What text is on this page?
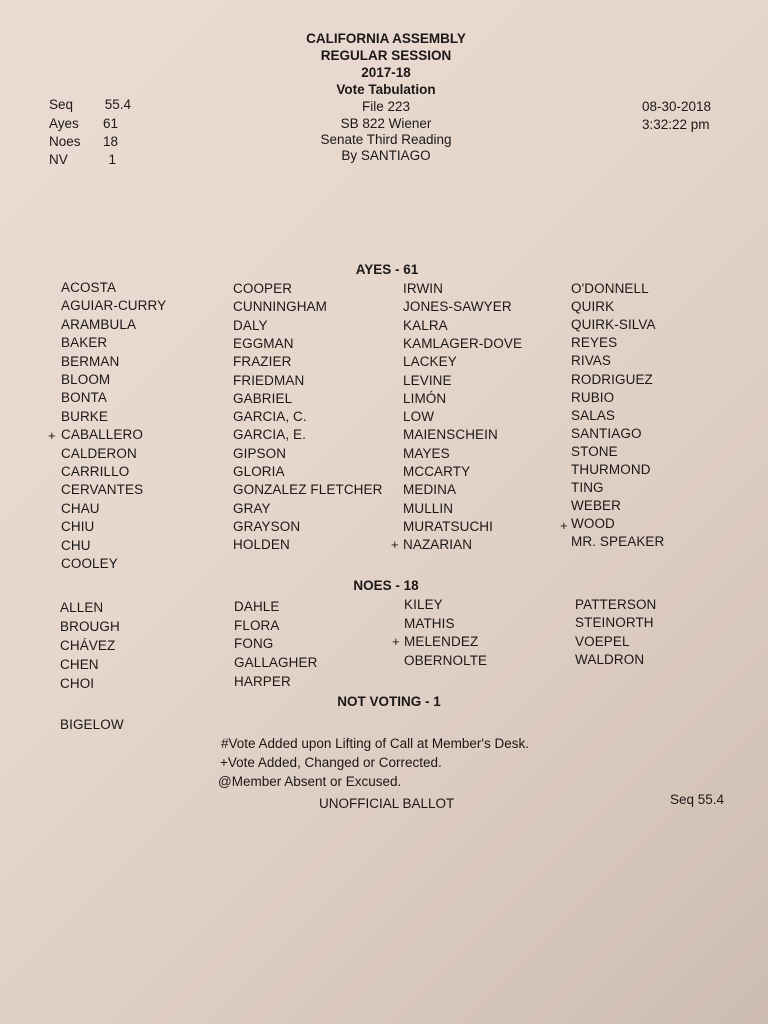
CALIFORNIA ASSEMBLY
REGULAR SESSION
2017-18
Vote Tabulation
File 223
SB 822 Wiener
Senate Third Reading
By SANTIAGO
Seq	55.4
Ayes	61
Noes	18
NV	1
08-30-2018
3:32:22 pm
AYES - 61
ACOSTA
AGUIAR-CURRY
ARAMBULA
BAKER
BERMAN
BLOOM
BONTA
BURKE
CABALLERO
CALDERON
CARRILLO
CERVANTES
CHAU
CHIU
CHU
COOLEY
COOPER
CUNNINGHAM
DALY
EGGMAN
FRAZIER
FRIEDMAN
GABRIEL
GARCIA, C.
GARCIA, E.
GIPSON
GLORIA
GONZALEZ FLETCHER
GRAY
GRAYSON
HOLDEN
IRWIN
JONES-SAWYER
KALRA
KAMLAGER-DOVE
LACKEY
LEVINE
LIMÓN
LOW
MAIENSCHEIN
MAYES
MCCARTY
MEDINA
MULLIN
MURATSUCHI
NAZARIAN
O'DONNELL
QUIRK
QUIRK-SILVA
REYES
RIVAS
RODRIGUEZ
RUBIO
SALAS
SANTIAGO
STONE
THURMOND
TING
WEBER
WOOD
MR. SPEAKER
NOES - 18
ALLEN
BROUGH
CHÁVEZ
CHEN
CHOI
DAHLE
FLORA
FONG
GALLAGHER
HARPER
KILEY
MATHIS
MELENDEZ
OBERNOLTE
PATTERSON
STEINORTH
VOEPEL
WALDRON
NOT VOTING - 1
BIGELOW
+
+
+
+
#Vote Added upon Lifting of Call at Member's Desk.
+Vote Added, Changed or Corrected.
@Member Absent or Excused.
UNOFFICIAL BALLOT	Seq 55.4
